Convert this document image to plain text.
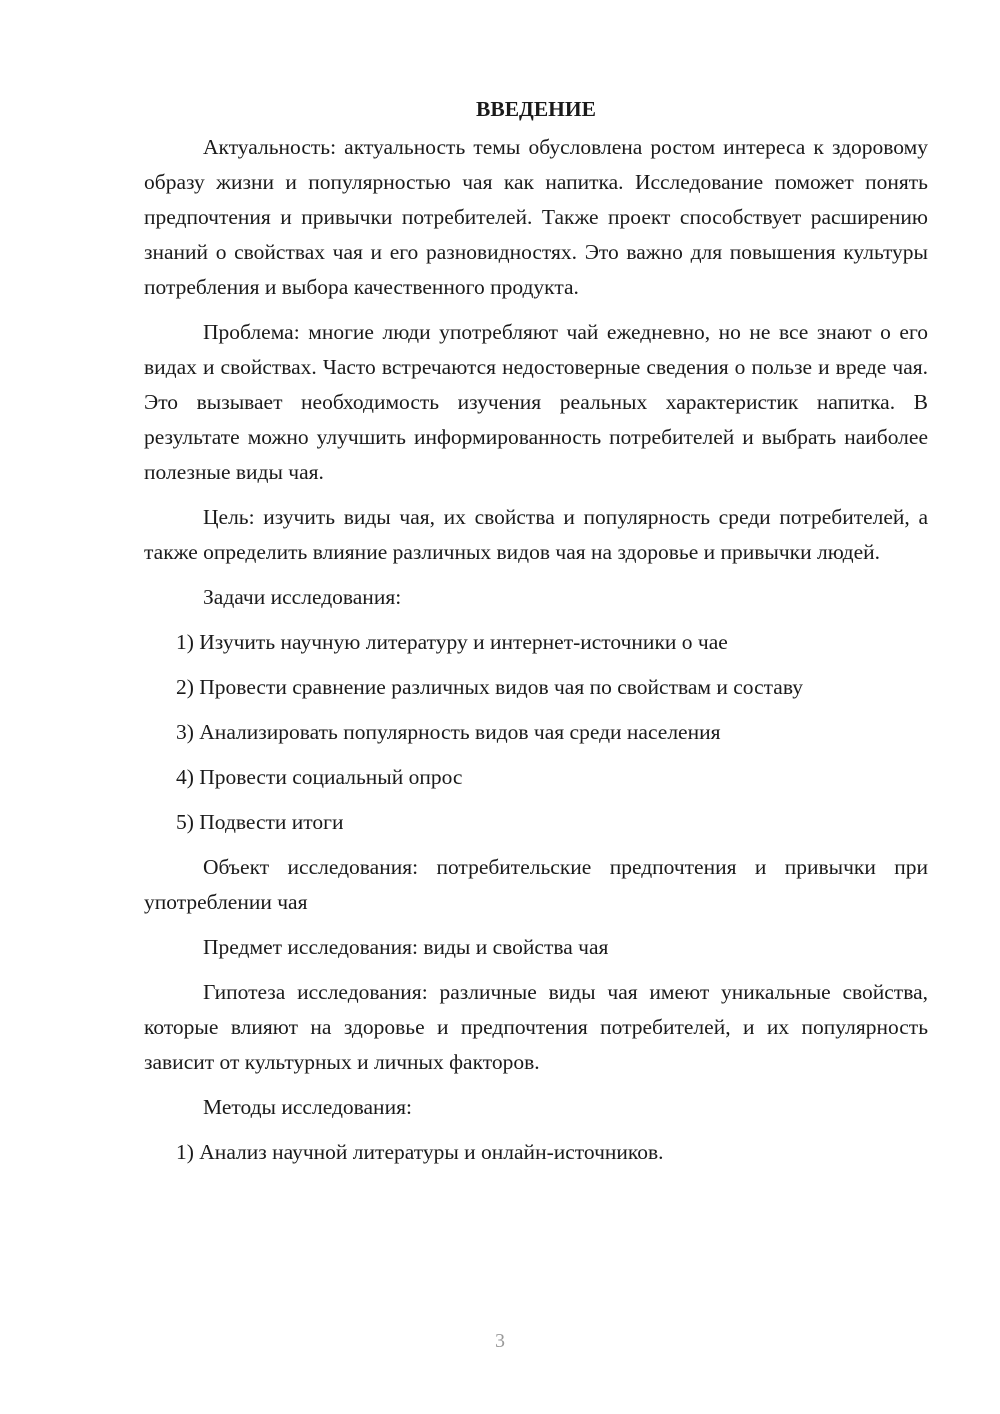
ВВЕДЕНИЕ

Актуальность: актуальность темы обусловлена ростом интереса к здоровому образу жизни и популярностью чая как напитка. Исследование поможет понять предпочтения и привычки потребителей. Также проект способствует расширению знаний о свойствах чая и его разновидностях. Это важно для повышения культуры потребления и выбора качественного продукта.

Проблема: многие люди употребляют чай ежедневно, но не все знают о его видах и свойствах. Часто встречаются недостоверные сведения о пользе и вреде чая. Это вызывает необходимость изучения реальных характеристик напитка. В результате можно улучшить информированность потребителей и выбрать наиболее полезные виды чая.

Цель: изучить виды чая, их свойства и популярность среди потребителей, а также определить влияние различных видов чая на здоровье и привычки людей.

Задачи исследования:

1) Изучить научную литературу и интернет-источники о чае
2) Провести сравнение различных видов чая по свойствам и составу
3) Анализировать популярность видов чая среди населения
4) Провести социальный опрос
5) Подвести итоги

Объект исследования: потребительские предпочтения и привычки при употреблении чая

Предмет исследования: виды и свойства чая

Гипотеза исследования: различные виды чая имеют уникальные свойства, которые влияют на здоровье и предпочтения потребителей, и их популярность зависит от культурных и личных факторов.

Методы исследования:

1) Анализ научной литературы и онлайн-источников.
3
